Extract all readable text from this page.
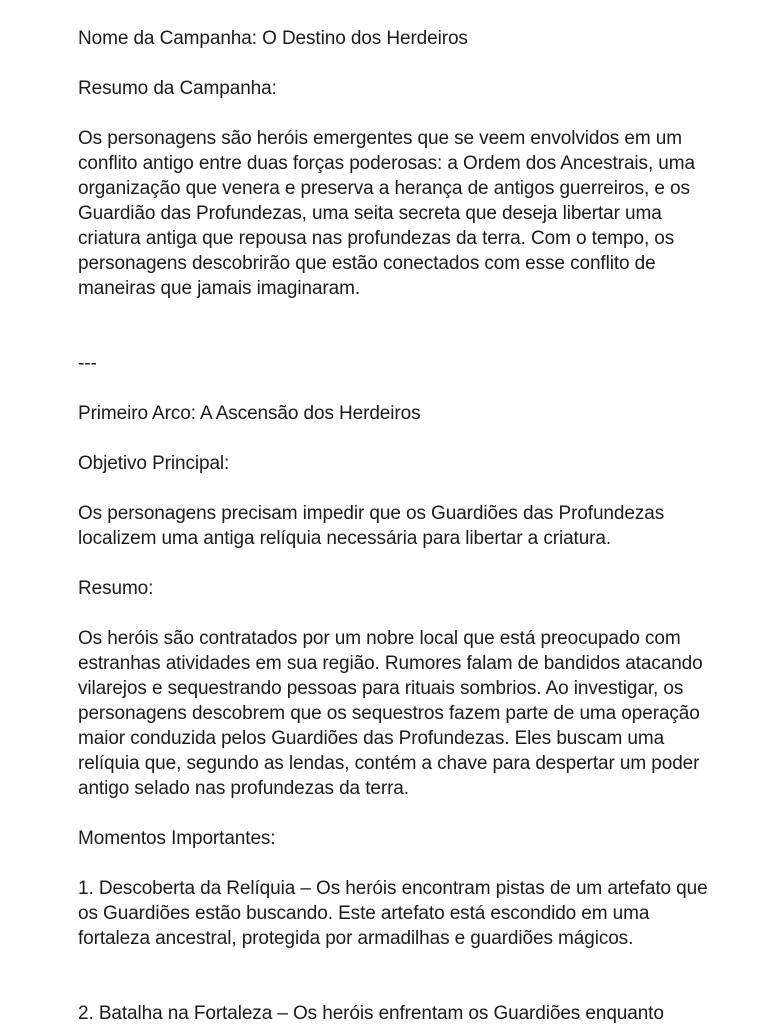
Nome da Campanha: O Destino dos Herdeiros

Resumo da Campanha:

Os personagens são heróis emergentes que se veem envolvidos em um
conflito antigo entre duas forças poderosas: a Ordem dos Ancestrais, uma
organização que venera e preserva a herança de antigos guerreiros, e os
Guardião das Profundezas, uma seita secreta que deseja libertar uma
criatura antiga que repousa nas profundezas da terra. Com o tempo, os
personagens descobrirão que estão conectados com esse conflito de
maneiras que jamais imaginaram.

---

Primeiro Arco: A Ascensão dos Herdeiros

Objetivo Principal:

Os personagens precisam impedir que os Guardiões das Profundezas
localizem uma antiga relíquia necessária para libertar a criatura.

Resumo:

Os heróis são contratados por um nobre local que está preocupado com
estranhas atividades em sua região. Rumores falam de bandidos atacando
vilarejos e sequestrando pessoas para rituais sombrios. Ao investigar, os
personagens descobrem que os sequestros fazem parte de uma operação
maior conduzida pelos Guardiões das Profundezas. Eles buscam uma
relíquia que, segundo as lendas, contém a chave para despertar um poder
antigo selado nas profundezas da terra.

Momentos Importantes:

1. Descoberta da Relíquia – Os heróis encontram pistas de um artefato que
os Guardiões estão buscando. Este artefato está escondido em uma
fortaleza ancestral, protegida por armadilhas e guardiões mágicos.

2. Batalha na Fortaleza – Os heróis enfrentam os Guardiões enquanto
